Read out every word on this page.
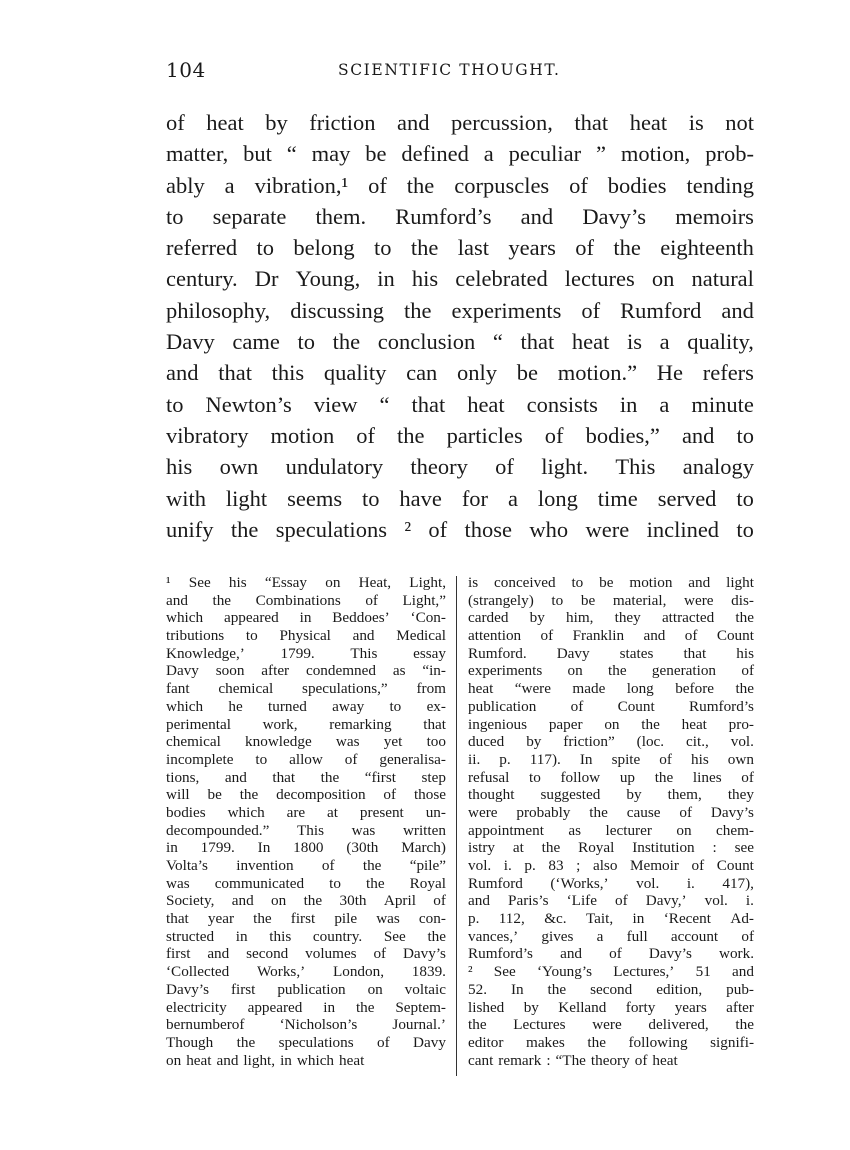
104	SCIENTIFIC THOUGHT.
of heat by friction and percussion, that heat is not
matter, but “ may be defined a peculiar ” motion, prob-
ably a vibration,¹ of the corpuscles of bodies tending
to separate them. Rumford’s and Davy’s memoirs
referred to belong to the last years of the eighteenth
century. Dr Young, in his celebrated lectures on natural
philosophy, discussing the experiments of Rumford and
Davy came to the conclusion “ that heat is a quality,
and that this quality can only be motion.” He refers
to Newton’s view “ that heat consists in a minute
vibratory motion of the particles of bodies,” and to
his own undulatory theory of light. This analogy
with light seems to have for a long time served to
unify the speculations ² of those who were inclined to
¹ See his “Essay on Heat, Light,
and the Combinations of Light,”
which appeared in Beddoes’ ‘Con-
tributions to Physical and Medical
Knowledge,’ 1799. This essay
Davy soon after condemned as “in-
fant chemical speculations,” from
which he turned away to ex-
perimental work, remarking that
chemical knowledge was yet too
incomplete to allow of generalisa-
tions, and that the “first step
will be the decomposition of those
bodies which are at present un-
decompounded.” This was written
in 1799. In 1800 (30th March)
Volta’s invention of the “pile”
was communicated to the Royal
Society, and on the 30th April of
that year the first pile was con-
structed in this country. See the
first and second volumes of Davy’s
‘Collected Works,’ London, 1839.
Davy’s first publication on voltaic
electricity appeared in the Septem-
bernumberof ‘Nicholson’s Journal.’
Though the speculations of Davy
on heat and light, in which heat
is conceived to be motion and light
(strangely) to be material, were dis-
carded by him, they attracted the
attention of Franklin and of Count
Rumford. Davy states that his
experiments on the generation of
heat “were made long before the
publication of Count Rumford’s
ingenious paper on the heat pro-
duced by friction” (loc. cit., vol.
ii. p. 117). In spite of his own
refusal to follow up the lines of
thought suggested by them, they
were probably the cause of Davy’s
appointment as lecturer on chem-
istry at the Royal Institution : see
vol. i. p. 83 ; also Memoir of Count
Rumford (‘Works,’ vol. i. 417),
and Paris’s ‘Life of Davy,’ vol. i.
p. 112, &c. Tait, in ‘Recent Ad-
vances,’ gives a full account of
Rumford’s and of Davy’s work.
² See ‘Young’s Lectures,’ 51 and
52. In the second edition, pub-
lished by Kelland forty years after
the Lectures were delivered, the
editor makes the following signifi-
cant remark : “The theory of heat
